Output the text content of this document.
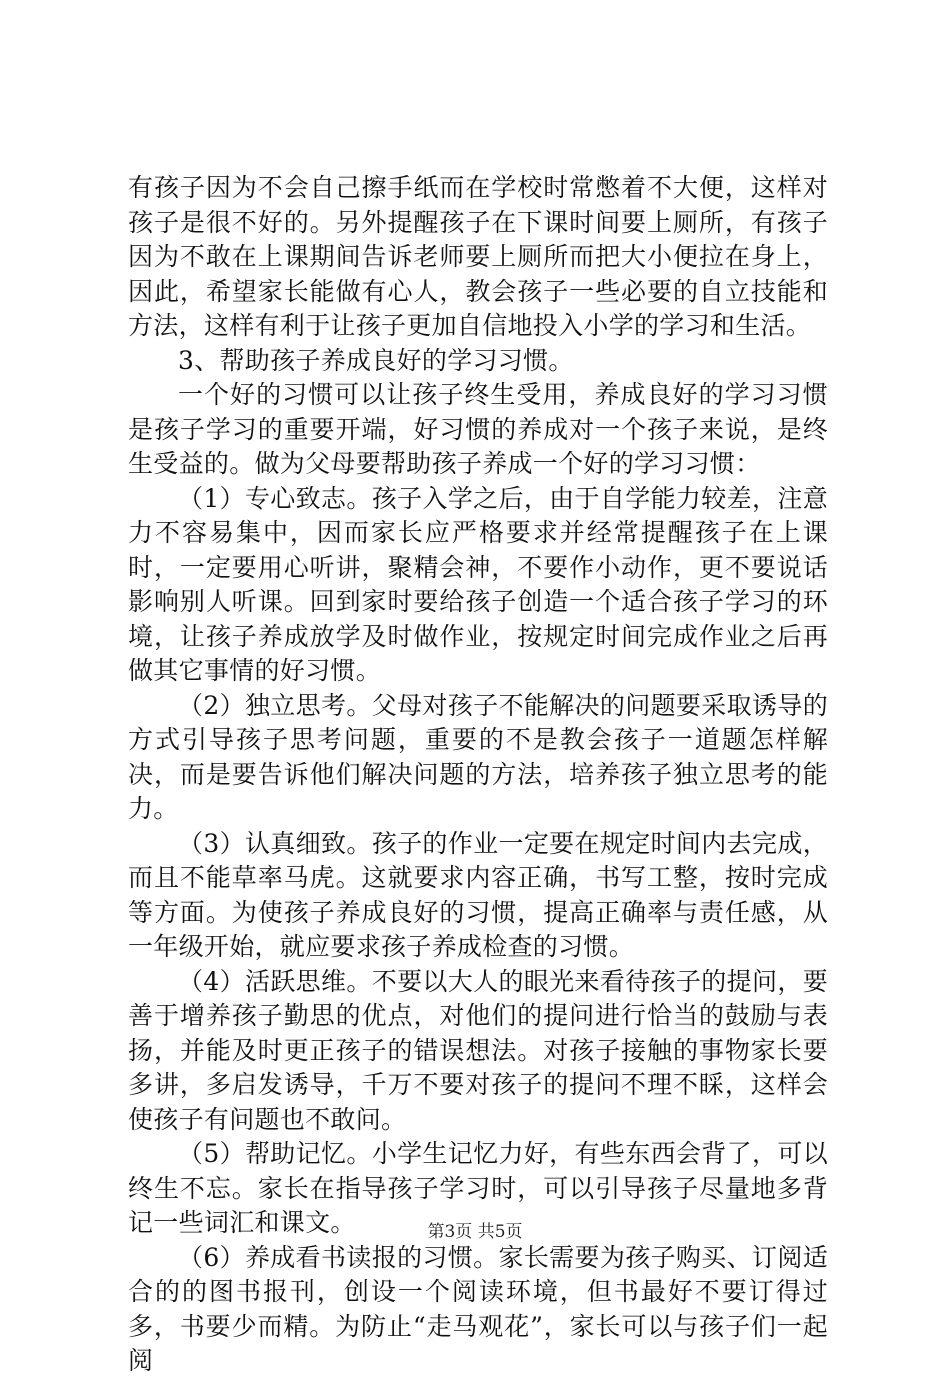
有孩子因为不会自己擦手纸而在学校时常憋着不大便，这样对孩子是很不好的。另外提醒孩子在下课时间要上厕所，有孩子因为不敢在上课期间告诉老师要上厕所而把大小便拉在身上，因此，希望家长能做有心人，教会孩子一些必要的自立技能和方法，这样有利于让孩子更加自信地投入小学的学习和生活。

3、帮助孩子养成良好的学习习惯。

一个好的习惯可以让孩子终生受用，养成良好的学习习惯是孩子学习的重要开端，好习惯的养成对一个孩子来说，是终生受益的。做为父母要帮助孩子养成一个好的学习习惯：

（1）专心致志。孩子入学之后，由于自学能力较差，注意力不容易集中，因而家长应严格要求并经常提醒孩子在上课时，一定要用心听讲，聚精会神，不要作小动作，更不要说话影响别人听课。回到家时要给孩子创造一个适合孩子学习的环境，让孩子养成放学及时做作业，按规定时间完成作业之后再做其它事情的好习惯。

（2）独立思考。父母对孩子不能解决的问题要采取诱导的方式引导孩子思考问题，重要的不是教会孩子一道题怎样解决，而是要告诉他们解决问题的方法，培养孩子独立思考的能力。

（3）认真细致。孩子的作业一定要在规定时间内去完成，而且不能草率马虎。这就要求内容正确，书写工整，按时完成等方面。为使孩子养成良好的习惯，提高正确率与责任感，从一年级开始，就应要求孩子养成检查的习惯。

（4）活跃思维。不要以大人的眼光来看待孩子的提问，要善于增养孩子勤思的优点，对他们的提问进行恰当的鼓励与表扬，并能及时更正孩子的错误想法。对孩子接触的事物家长要多讲，多启发诱导，千万不要对孩子的提问不理不睬，这样会使孩子有问题也不敢问。

（5）帮助记忆。小学生记忆力好，有些东西会背了，可以终生不忘。家长在指导孩子学习时，可以引导孩子尽量地多背记一些词汇和课文。

（6）养成看书读报的习惯。家长需要为孩子购买、订阅适合的的图书报刊，创设一个阅读环境，但书最好不要订得过多，书要少而精。为防止“走马观花”，家长可以与孩子们一起阅

第3页 共5页
